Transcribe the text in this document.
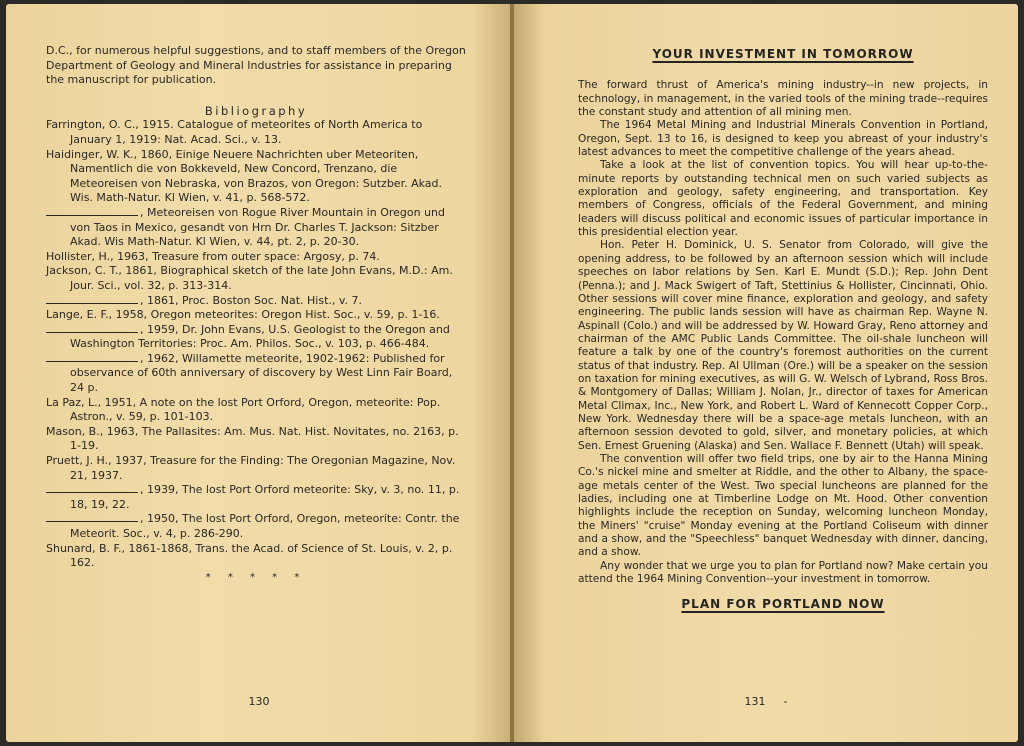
D.C., for numerous helpful suggestions, and to staff members of the Oregon Department of Geology and Mineral Industries for assistance in preparing the manuscript for publication.

Bibliography

Farrington, O. C., 1915. Catalogue of meteorites of North America to January 1, 1919: Nat. Acad. Sci., v. 13.

Haidinger, W. K., 1860, Einige Neuere Nachrichten uber Meteoriten, Namentlich die von Bokkeveld, New Concord, Trenzano, die Meteoreisen von Nebraska, von Brazos, von Oregon: Sutzber. Akad. Wis. Math-Natur. Kl Wien, v. 41, p. 568-572.

, Meteoreisen von Rogue River Mountain in Oregon und von Taos in Mexico, gesandt von Hrn Dr. Charles T. Jackson: Sitzber Akad. Wis Math-Natur. Kl Wien, v. 44, pt. 2, p. 20-30.

Hollister, H., 1963, Treasure from outer space: Argosy, p. 74.

Jackson, C. T., 1861, Biographical sketch of the late John Evans, M.D.: Am. Jour. Sci., vol. 32, p. 313-314.

, 1861, Proc. Boston Soc. Nat. Hist., v. 7.

Lange, E. F., 1958, Oregon meteorites: Oregon Hist. Soc., v. 59, p. 1-16.

, 1959, Dr. John Evans, U.S. Geologist to the Oregon and Washington Territories: Proc. Am. Philos. Soc., v. 103, p. 466-484.

, 1962, Willamette meteorite, 1902-1962: Published for observance of 60th anniversary of discovery by West Linn Fair Board, 24 p.

La Paz, L., 1951, A note on the lost Port Orford, Oregon, meteorite: Pop. Astron., v. 59, p. 101-103.

Mason, B., 1963, The Pallasites: Am. Mus. Nat. Hist. Novitates, no. 2163, p. 1-19.

Pruett, J. H., 1937, Treasure for the Finding: The Oregonian Magazine, Nov. 21, 1937.

, 1939, The lost Port Orford meteorite: Sky, v. 3, no. 11, p. 18, 19, 22.

, 1950, The lost Port Orford, Oregon, meteorite: Contr. the Meteorit. Soc., v. 4, p. 286-290.

Shunard, B. F., 1861-1868, Trans. the Acad. of Science of St. Louis, v. 2, p. 162.

* * * * *

130

YOUR INVESTMENT IN TOMORROW

The forward thrust of America's mining industry--in new projects, in technology, in management, in the varied tools of the mining trade--requires the constant study and attention of all mining men.

The 1964 Metal Mining and Industrial Minerals Convention in Portland, Oregon, Sept. 13 to 16, is designed to keep you abreast of your industry's latest advances to meet the competitive challenge of the years ahead.

Take a look at the list of convention topics. You will hear up-to-the-minute reports by outstanding technical men on such varied subjects as exploration and geology, safety engineering, and transportation. Key members of Congress, officials of the Federal Government, and mining leaders will discuss political and economic issues of particular importance in this presidential election year.

Hon. Peter H. Dominick, U. S. Senator from Colorado, will give the opening address, to be followed by an afternoon session which will include speeches on labor relations by Sen. Karl E. Mundt (S.D.); Rep. John Dent (Penna.); and J. Mack Swigert of Taft, Stettinius & Hollister, Cincinnati, Ohio. Other sessions will cover mine finance, exploration and geology, and safety engineering. The public lands session will have as chairman Rep. Wayne N. Aspinall (Colo.) and will be addressed by W. Howard Gray, Reno attorney and chairman of the AMC Public Lands Committee. The oil-shale luncheon will feature a talk by one of the country's foremost authorities on the current status of that industry. Rep. Al Ullman (Ore.) will be a speaker on the session on taxation for mining executives, as will G. W. Welsch of Lybrand, Ross Bros. & Montgomery of Dallas; William J. Nolan, Jr., director of taxes for American Metal Climax, Inc., New York, and Robert L. Ward of Kennecott Copper Corp., New York. Wednesday there will be a space-age metals luncheon, with an afternoon session devoted to gold, silver, and monetary policies, at which Sen. Ernest Gruening (Alaska) and Sen. Wallace F. Bennett (Utah) will speak.

The convention will offer two field trips, one by air to the Hanna Mining Co.'s nickel mine and smelter at Riddle, and the other to Albany, the space-age metals center of the West. Two special luncheons are planned for the ladies, including one at Timberline Lodge on Mt. Hood. Other convention highlights include the reception on Sunday, welcoming luncheon Monday, the Miners' "cruise" Monday evening at the Portland Coliseum with dinner and a show, and the "Speechless" banquet Wednesday with dinner, dancing, and a show.

Any wonder that we urge you to plan for Portland now? Make certain you attend the 1964 Mining Convention--your investment in tomorrow.

PLAN FOR PORTLAND NOW

131 -
